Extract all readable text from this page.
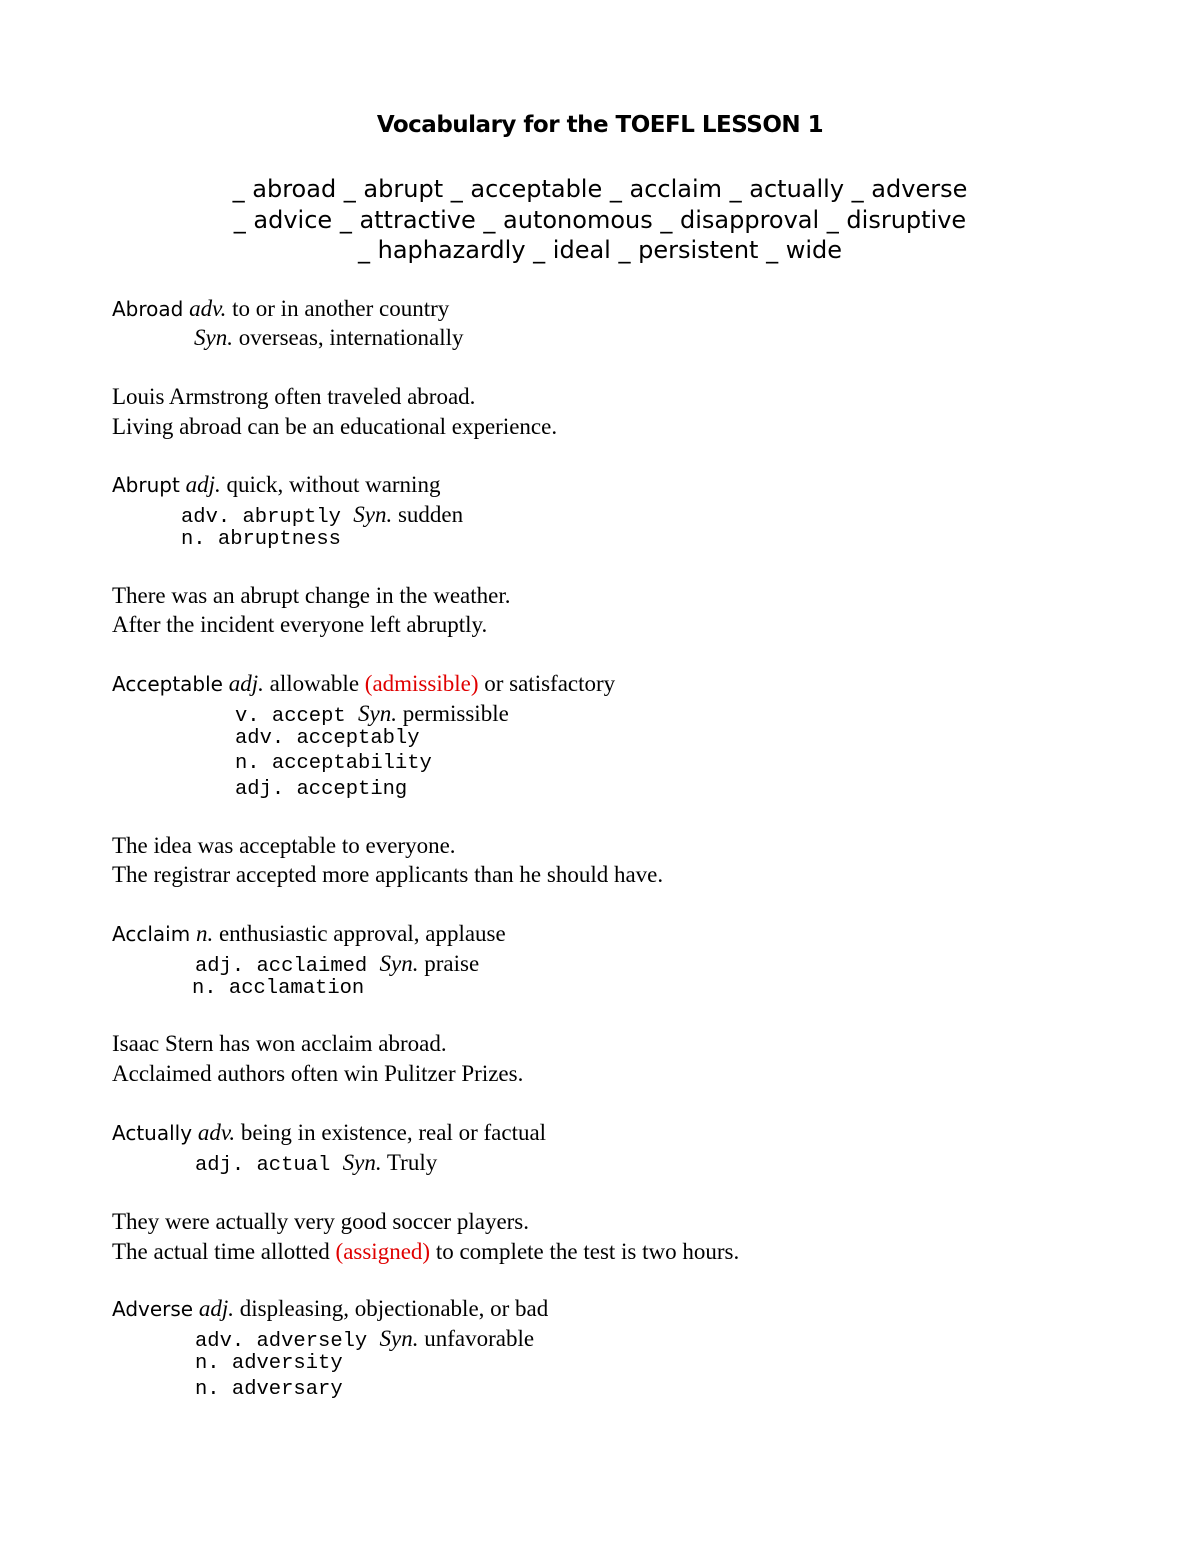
Vocabulary for the TOEFL LESSON 1
_ abroad _ abrupt _ acceptable _ acclaim _ actually _ adverse
_ advice _ attractive _ autonomous _ disapproval _ disruptive
_ haphazardly _ ideal _ persistent _ wide
Abroad adv. to or in another country
Syn. overseas, internationally
Louis Armstrong often traveled abroad.
Living abroad can be an educational experience.
Abrupt adj. quick, without warning
adv. abruptly Syn. sudden
n. abruptness
There was an abrupt change in the weather.
After the incident everyone left abruptly.
Acceptable adj. allowable (admissible) or satisfactory
v. accept Syn. permissible
adv. acceptably
n. acceptability
adj. accepting
The idea was acceptable to everyone.
The registrar accepted more applicants than he should have.
Acclaim n. enthusiastic approval, applause
adj. acclaimed Syn. praise
n. acclamation
Isaac Stern has won acclaim abroad.
Acclaimed authors often win Pulitzer Prizes.
Actually adv. being in existence, real or factual
adj. actual Syn. Truly
They were actually very good soccer players.
The actual time allotted (assigned) to complete the test is two hours.
Adverse adj. displeasing, objectionable, or bad
adv. adversely Syn. unfavorable
n. adversity
n. adversary
